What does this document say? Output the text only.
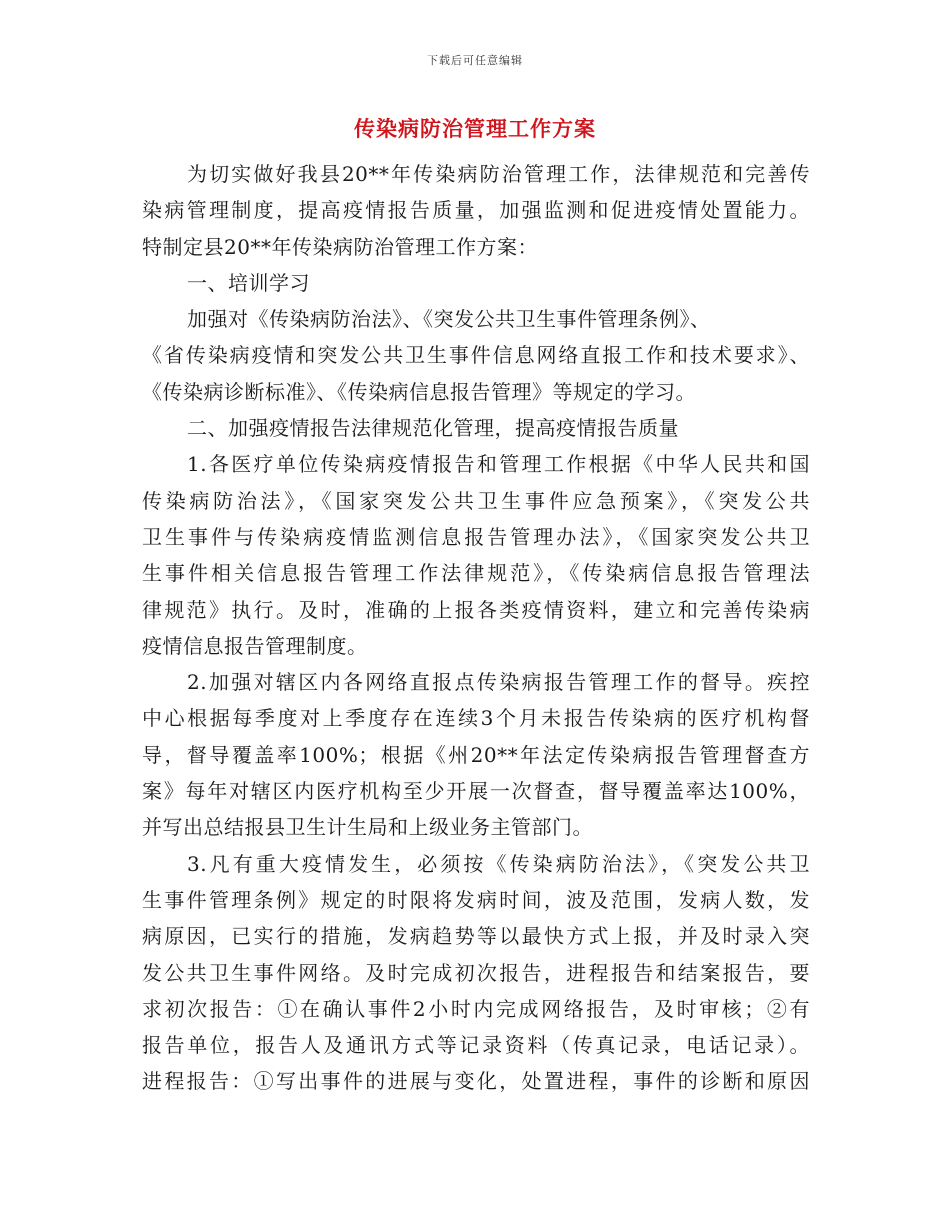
下载后可任意编辑
传染病防治管理工作方案
为切实做好我县20**年传染病防治管理工作，法律规范和完善传
染病管理制度，提高疫情报告质量，加强监测和促进疫情处置能力。
特制定县20**年传染病防治管理工作方案：
一、培训学习
加强对《传染病防治法》、《突发公共卫生事件管理条例》、
《省传染病疫情和突发公共卫生事件信息网络直报工作和技术要求》、
《传染病诊断标准》、《传染病信息报告管理》等规定的学习。
二、加强疫情报告法律规范化管理，提高疫情报告质量
1.各医疗单位传染病疫情报告和管理工作根据《中华人民共和国
传染病防治法》，《国家突发公共卫生事件应急预案》，《突发公共
卫生事件与传染病疫情监测信息报告管理办法》，《国家突发公共卫
生事件相关信息报告管理工作法律规范》，《传染病信息报告管理法
律规范》执行。及时，准确的上报各类疫情资料，建立和完善传染病
疫情信息报告管理制度。
2.加强对辖区内各网络直报点传染病报告管理工作的督导。疾控
中心根据每季度对上季度存在连续3个月未报告传染病的医疗机构督
导，督导覆盖率100%；根据《州20**年法定传染病报告管理督查方
案》每年对辖区内医疗机构至少开展一次督查，督导覆盖率达100%，
并写出总结报县卫生计生局和上级业务主管部门。
3.凡有重大疫情发生，必须按《传染病防治法》，《突发公共卫
生事件管理条例》规定的时限将发病时间，波及范围，发病人数，发
病原因，已实行的措施，发病趋势等以最快方式上报，并及时录入突
发公共卫生事件网络。及时完成初次报告，进程报告和结案报告，要
求初次报告：①在确认事件2小时内完成网络报告，及时审核；②有
报告单位，报告人及通讯方式等记录资料（传真记录，电话记录）。
进程报告：①写出事件的进展与变化，处置进程，事件的诊断和原因
